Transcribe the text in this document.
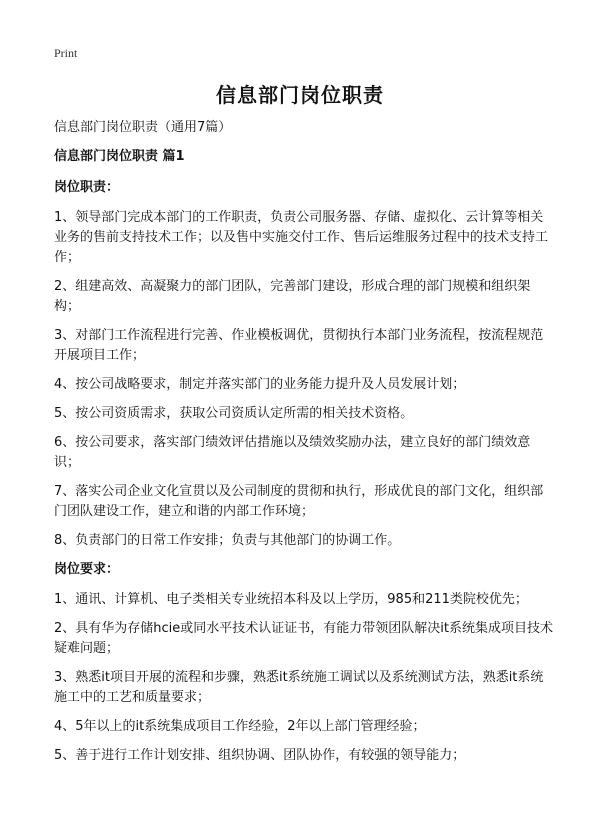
Print
信息部门岗位职责

信息部门岗位职责（通用7篇）

信息部门岗位职责 篇1

岗位职责：

1、领导部门完成本部门的工作职责，负责公司服务器、存储、虚拟化、云计算等相关业务的售前支持技术工作；以及售中实施交付工作、售后运维服务过程中的技术支持工作；

2、组建高效、高凝聚力的部门团队，完善部门建设，形成合理的部门规模和组织架构；

3、对部门工作流程进行完善、作业模板调优，贯彻执行本部门业务流程，按流程规范开展项目工作；

4、按公司战略要求，制定并落实部门的业务能力提升及人员发展计划；

5、按公司资质需求，获取公司资质认定所需的相关技术资格。

6、按公司要求，落实部门绩效评估措施以及绩效奖励办法，建立良好的部门绩效意识；

7、落实公司企业文化宣贯以及公司制度的贯彻和执行，形成优良的部门文化，组织部门团队建设工作，建立和谐的内部工作环境；

8、负责部门的日常工作安排；负责与其他部门的协调工作。

岗位要求：

1、通讯、计算机、电子类相关专业统招本科及以上学历，985和211类院校优先；

2、具有华为存储hcie或同水平技术认证证书，有能力带领团队解决it系统集成项目技术疑难问题；

3、熟悉it项目开展的流程和步骤，熟悉it系统施工调试以及系统测试方法，熟悉it系统施工中的工艺和质量要求；

4、5年以上的it系统集成项目工作经验，2年以上部门管理经验；

5、善于进行工作计划安排、组织协调、团队协作，有较强的领导能力；
